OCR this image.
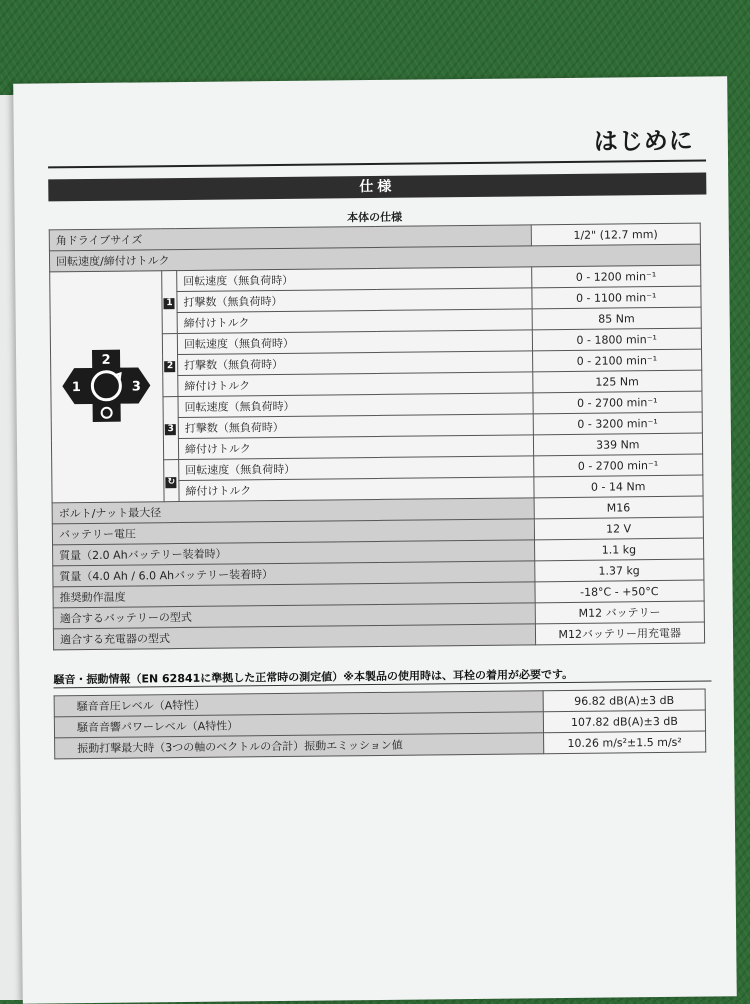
はじめに
仕様
本体の仕様			
角ドライブサイズ			1/2" (12.7 mm)
回転速度/締付けトルク			

2
1 3	1	回転速度（無負荷時）	0 - 1200 min⁻¹
		打撃数（無負荷時）	0 - 1100 min⁻¹
		締付けトルク	85 Nm
	2	回転速度（無負荷時）	0 - 1800 min⁻¹
		打撃数（無負荷時）	0 - 2100 min⁻¹
		締付けトルク	125 Nm
	3	回転速度（無負荷時）	0 - 2700 min⁻¹
		打撃数（無負荷時）	0 - 3200 min⁻¹
		締付けトルク	339 Nm
	↻	回転速度（無負荷時）	0 - 2700 min⁻¹
		締付けトルク	0 - 14 Nm
ボルト/ナット最大径			M16
バッテリー電圧			12 V
質量（2.0 Ahバッテリー装着時）			1.1 kg
質量（4.0 Ah / 6.0 Ahバッテリー装着時）			1.37 kg
推奨動作温度			-18°C - +50°C
適合するバッテリーの型式			M12 バッテリー
適合する充電器の型式			M12バッテリー用充電器
騒音・振動情報（EN 62841に準拠した正常時の測定値）※本製品の使用時は、耳栓の着用が必要です。
騒音音圧レベル（A特性）	96.82 dB(A)±3 dB
騒音音響パワーレベル（A特性）	107.82 dB(A)±3 dB
振動打撃最大時（3つの軸のベクトルの合計）振動エミッション値	10.26 m/s²±1.5 m/s²
